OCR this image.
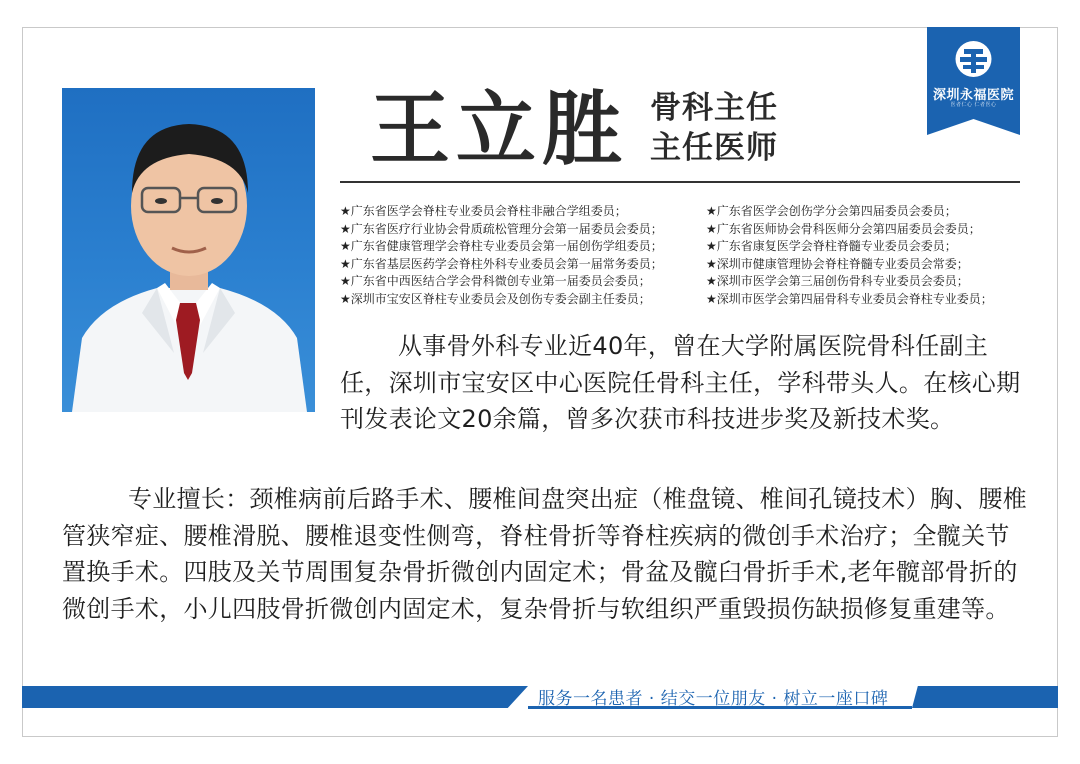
王立胜 骨科主任
主任医师
深圳永福医院
医者仁心 仁者医心
★广东省医学会脊柱专业委员会脊柱非融合学组委员；
★广东省医疗行业协会骨质疏松管理分会第一届委员会委员；
★广东省健康管理学会脊柱专业委员会第一届创伤学组委员；
★广东省基层医药学会脊柱外科专业委员会第一届常务委员；
★广东省中西医结合学会骨科微创专业第一届委员会委员；
★深圳市宝安区脊柱专业委员会及创伤专委会副主任委员；
★广东省医学会创伤学分会第四届委员会委员；
★广东省医师协会骨科医师分会第四届委员会委员；
★广东省康复医学会脊柱脊髓专业委员会委员；
★深圳市健康管理协会脊柱脊髓专业委员会常委；
★深圳市医学会第三届创伤骨科专业委员会委员；
★深圳市医学会第四届骨科专业委员会脊柱专业委员；
从事骨外科专业近40年，曾在大学附属医院骨科任副主任，深圳市宝安区中心医院任骨科主任，学科带头人。在核心期刊发表论文20余篇，曾多次获市科技进步奖及新技术奖。
专业擅长：颈椎病前后路手术、腰椎间盘突出症（椎盘镜、椎间孔镜技术）胸、腰椎管狭窄症、腰椎滑脱、腰椎退变性侧弯，脊柱骨折等脊柱疾病的微创手术治疗；全髋关节置换手术。四肢及关节周围复杂骨折微创内固定术；骨盆及髋臼骨折手术,老年髋部骨折的微创手术，小儿四肢骨折微创内固定术，复杂骨折与软组织严重毁损伤缺损修复重建等。
服务一名患者 · 结交一位朋友 · 树立一座口碑
